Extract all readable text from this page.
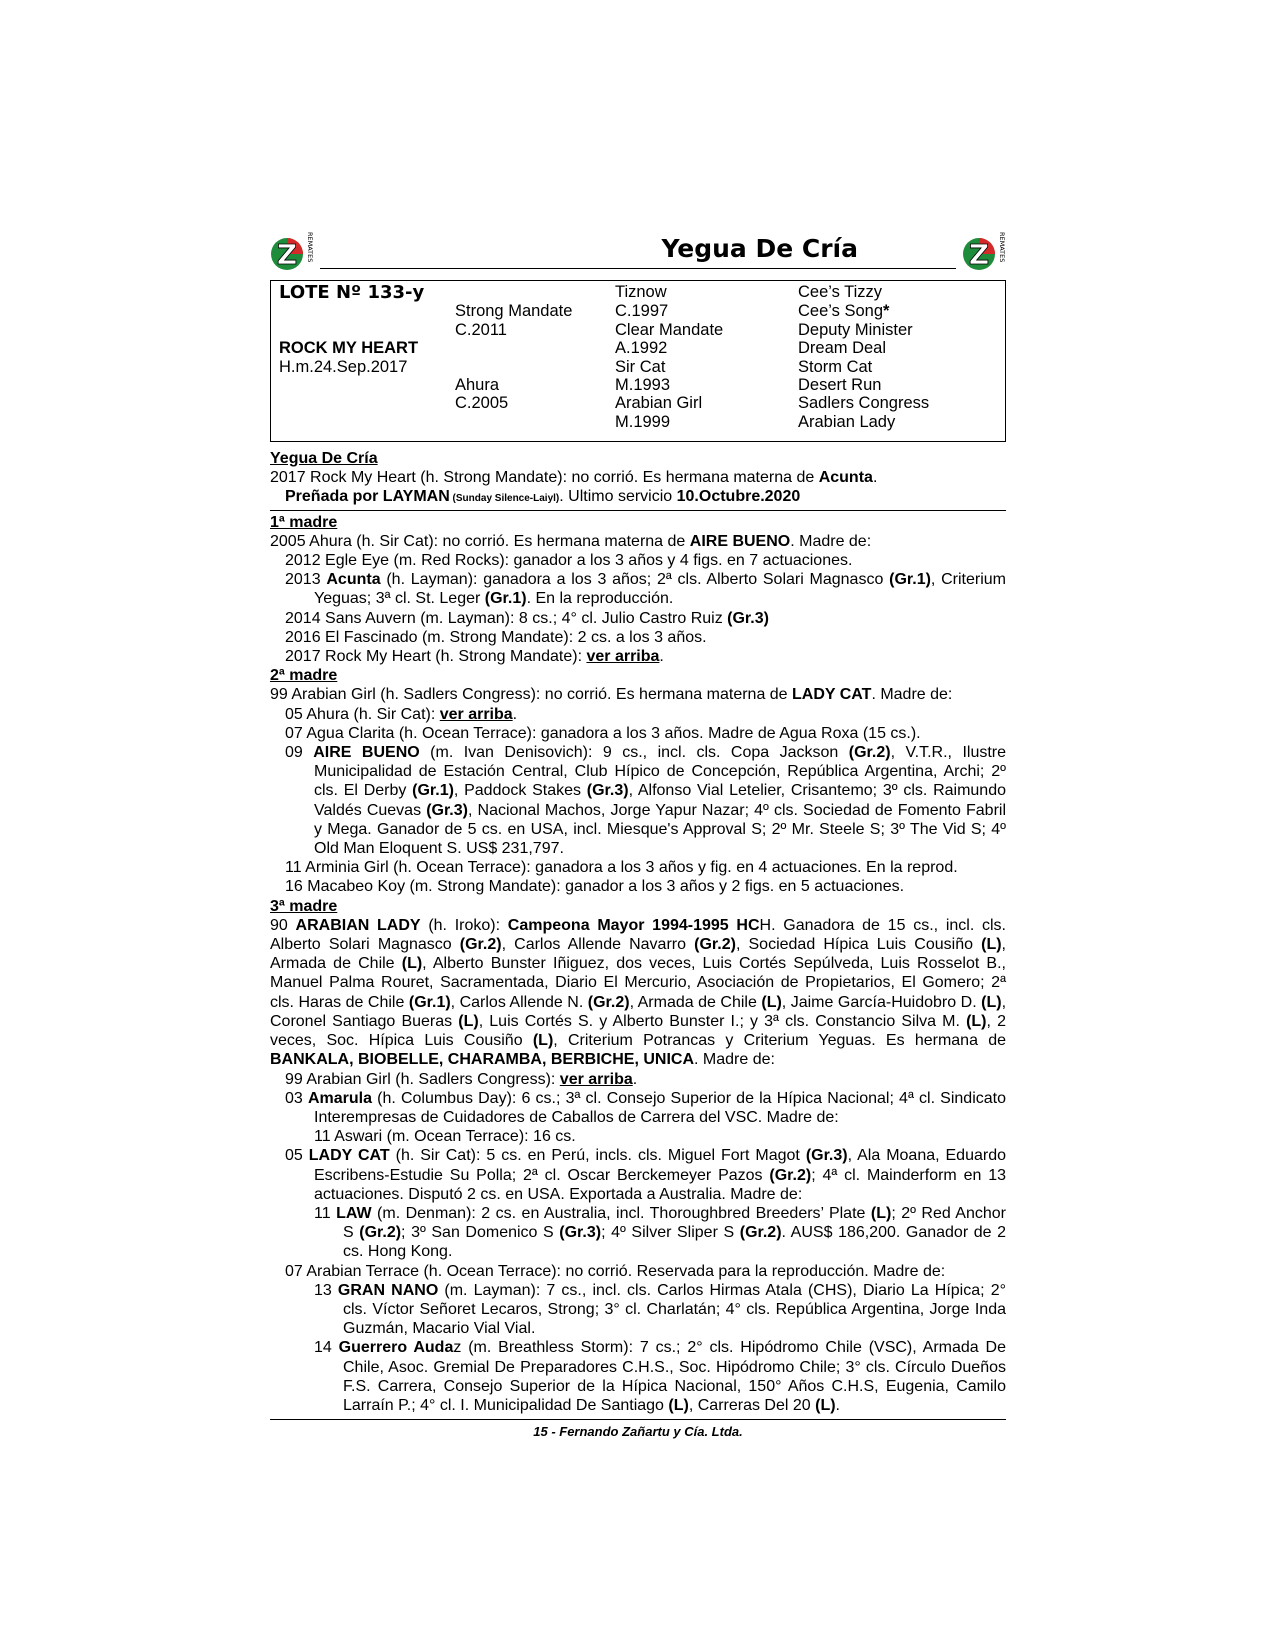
Z REMATES	Yegua De Cría	Z REMATES
LOTE Nº 133-y
ROCK MY HEART
H.m.24.Sep.2017
Strong Mandate
C.2011
Ahura
C.2005
Tiznow
C.1997
Clear Mandate
A.1992
Sir Cat
M.1993
Arabian Girl
M.1999
Cee’s Tizzy
Cee’s Song*
Deputy Minister
Dream Deal
Storm Cat
Desert Run
Sadlers Congress
Arabian Lady

Yegua De Cría

2017 Rock My Heart (h. Strong Mandate): no corrió. Es hermana materna de Acunta.

Preñada por LAYMAN (Sunday Silence-Laiyl). Ultimo servicio 10.Octubre.2020

1ª madre

2005 Ahura (h. Sir Cat): no corrió. Es hermana materna de AIRE BUENO. Madre de:

2012 Egle Eye (m. Red Rocks): ganador a los 3 años y 4 figs. en 7 actuaciones.

2013 Acunta (h. Layman): ganadora a los 3 años; 2ª cls. Alberto Solari Magnasco (Gr.1), Criterium Yeguas; 3ª cl. St. Leger (Gr.1). En la reproducción.

2014 Sans Auvern (m. Layman): 8 cs.; 4° cl. Julio Castro Ruiz (Gr.3)

2016 El Fascinado (m. Strong Mandate): 2 cs. a los 3 años.

2017 Rock My Heart (h. Strong Mandate): ver arriba.

2ª madre

99 Arabian Girl (h. Sadlers Congress): no corrió. Es hermana materna de LADY CAT. Madre de:

05 Ahura (h. Sir Cat): ver arriba.

07 Agua Clarita (h. Ocean Terrace): ganadora a los 3 años. Madre de Agua Roxa (15 cs.).

09 AIRE BUENO (m. Ivan Denisovich): 9 cs., incl. cls. Copa Jackson (Gr.2), V.T.R., Ilustre Municipalidad de Estación Central, Club Hípico de Concepción, República Argentina, Archi; 2º cls. El Derby (Gr.1), Paddock Stakes (Gr.3), Alfonso Vial Letelier, Crisantemo; 3º cls. Raimundo Valdés Cuevas (Gr.3), Nacional Machos, Jorge Yapur Nazar; 4º cls. Sociedad de Fomento Fabril y Mega. Ganador de 5 cs. en USA, incl. Miesque's Approval S; 2º Mr. Steele S; 3º The Vid S; 4º Old Man Eloquent S. US$ 231,797.

11 Arminia Girl (h. Ocean Terrace): ganadora a los 3 años y fig. en 4 actuaciones. En la reprod.

16 Macabeo Koy (m. Strong Mandate): ganador a los 3 años y 2 figs. en 5 actuaciones.

3ª madre

90 ARABIAN LADY (h. Iroko): Campeona Mayor 1994-1995 HCH. Ganadora de 15 cs., incl. cls. Alberto Solari Magnasco (Gr.2), Carlos Allende Navarro (Gr.2), Sociedad Hípica Luis Cousiño (L), Armada de Chile (L), Alberto Bunster Iñiguez, dos veces, Luis Cortés Sepúlveda, Luis Rosselot B., Manuel Palma Rouret, Sacramentada, Diario El Mercurio, Asociación de Propietarios, El Gomero; 2ª cls. Haras de Chile (Gr.1), Carlos Allende N. (Gr.2), Armada de Chile (L), Jaime García-Huidobro D. (L), Coronel Santiago Bueras (L), Luis Cortés S. y Alberto Bunster I.; y 3ª cls. Constancio Silva M. (L), 2 veces, Soc. Hípica Luis Cousiño (L), Criterium Potrancas y Criterium Yeguas. Es hermana de BANKALA, BIOBELLE, CHARAMBA, BERBICHE, UNICA. Madre de:

99 Arabian Girl (h. Sadlers Congress): ver arriba.

03 Amarula (h. Columbus Day): 6 cs.; 3ª cl. Consejo Superior de la Hípica Nacional; 4ª cl. Sindicato Interempresas de Cuidadores de Caballos de Carrera del VSC. Madre de:

11 Aswari (m. Ocean Terrace): 16 cs.

05 LADY CAT (h. Sir Cat): 5 cs. en Perú, incls. cls. Miguel Fort Magot (Gr.3), Ala Moana, Eduardo Escribens-Estudie Su Polla; 2ª cl. Oscar Berckemeyer Pazos (Gr.2); 4ª cl. Mainderform en 13 actuaciones. Disputó 2 cs. en USA. Exportada a Australia. Madre de:

11 LAW (m. Denman): 2 cs. en Australia, incl. Thoroughbred Breeders’ Plate (L); 2º Red Anchor S (Gr.2); 3º San Domenico S (Gr.3); 4º Silver Sliper S (Gr.2). AUS$ 186,200. Ganador de 2 cs. Hong Kong.

07 Arabian Terrace (h. Ocean Terrace): no corrió. Reservada para la reproducción. Madre de:

13 GRAN NANO (m. Layman): 7 cs., incl. cls. Carlos Hirmas Atala (CHS), Diario La Hípica; 2° cls. Víctor Señoret Lecaros, Strong; 3° cl. Charlatán; 4° cls. República Argentina, Jorge Inda Guzmán, Macario Vial Vial.

14 Guerrero Audaz (m. Breathless Storm): 7 cs.; 2° cls. Hipódromo Chile (VSC), Armada De Chile, Asoc. Gremial De Preparadores C.H.S., Soc. Hipódromo Chile; 3° cls. Círculo Dueños F.S. Carrera, Consejo Superior de la Hípica Nacional, 150° Años C.H.S, Eugenia, Camilo Larraín P.; 4° cl. I. Municipalidad De Santiago (L), Carreras Del 20 (L).

15 - Fernando Zañartu y Cía. Ltda.
